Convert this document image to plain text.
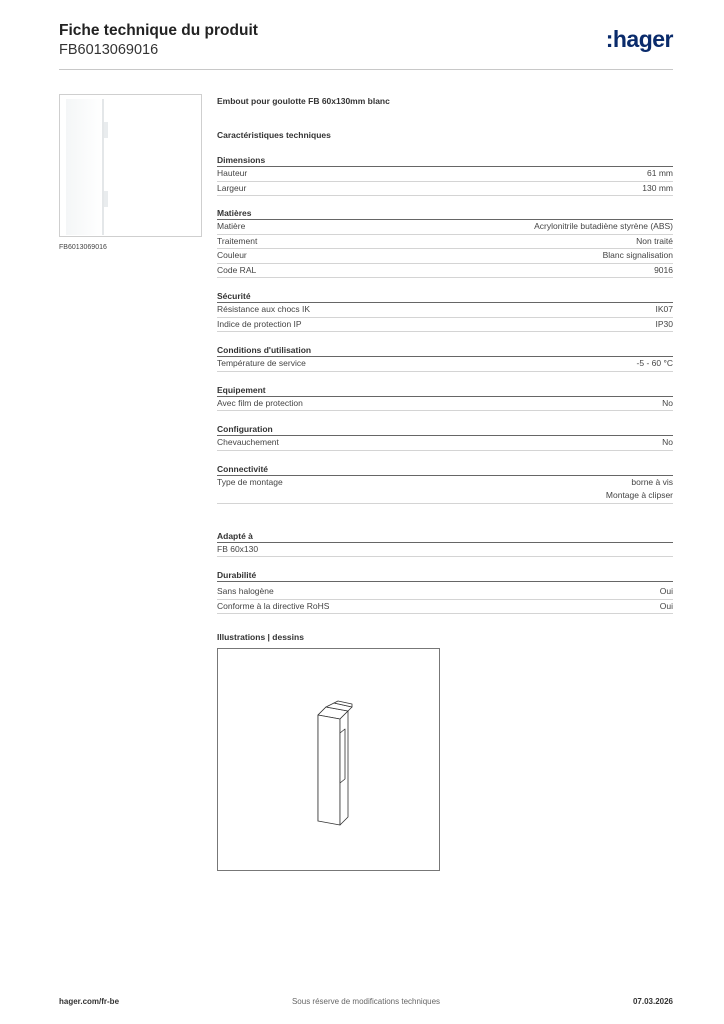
Fiche technique du produit
FB6013069016	:hager
FB6013069016
Embout pour goulotte FB 60x130mm blanc
Caractéristiques techniques
Dimensions
Hauteur	61 mm
Largeur	130 mm
Matières
Matière	Acrylonitrile butadiène styrène (ABS)
Traitement	Non traité
Couleur	Blanc signalisation
Code RAL	9016
Sécurité
Résistance aux chocs IK	IK07
Indice de protection IP	IP30
Conditions d'utilisation
Température de service	-5 - 60 °C
Equipement
Avec film de protection	No
Configuration
Chevauchement	No
Connectivité
Type de montage	borne à vis
Montage à clipser
Adapté à
FB 60x130
Durabilité
Sans halogène	Oui
Conforme à la directive RoHS	Oui
Illustrations | dessins
Sous réserve de modifications techniques
hager.com/fr-be	07.03.2026
